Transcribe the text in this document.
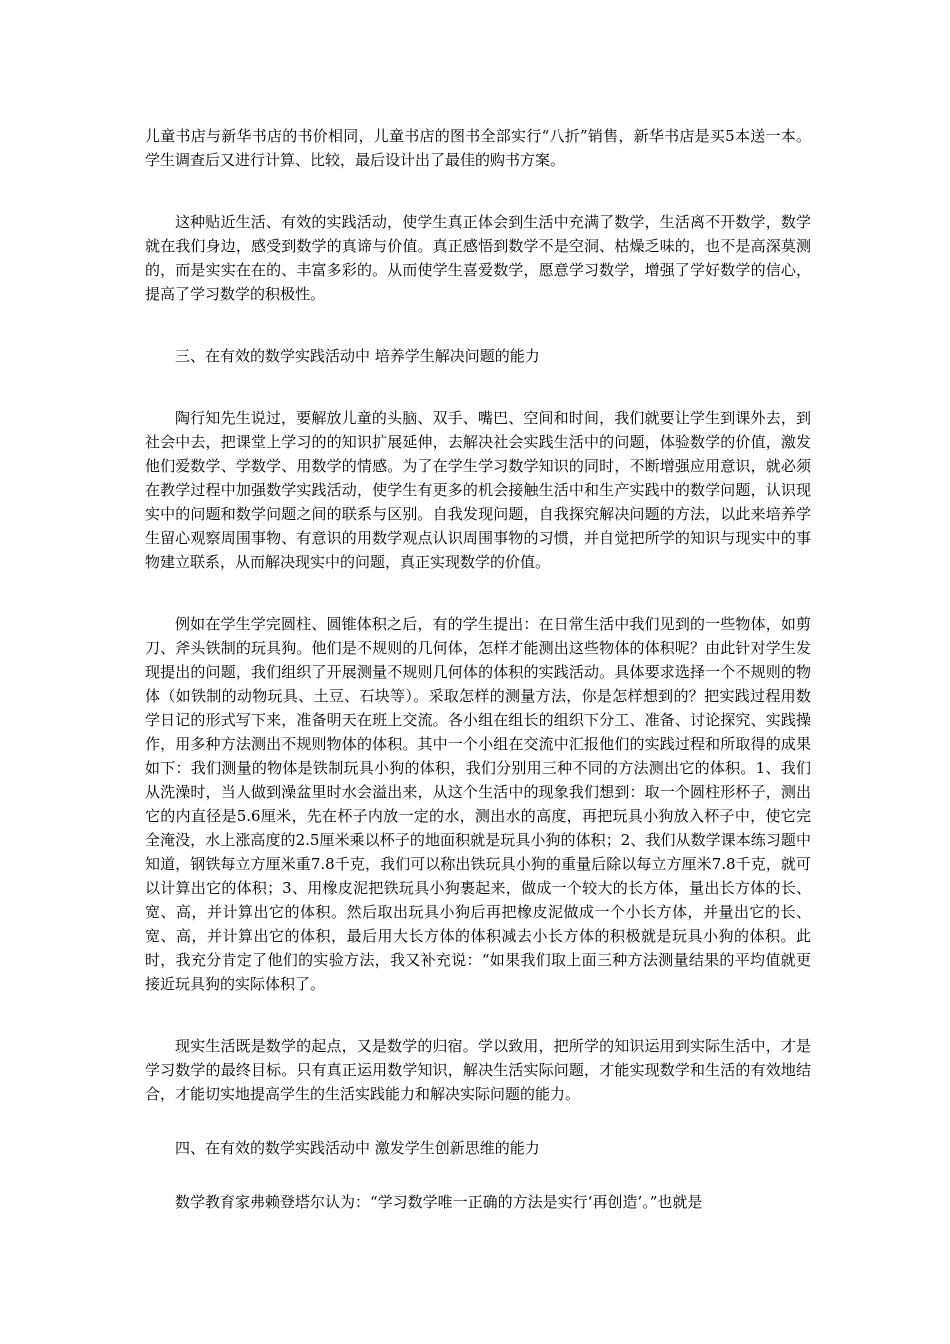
儿童书店与新华书店的书价相同，儿童书店的图书全部实行“八折”销售，新华书店是买5本送一本。学生调查后又进行计算、比较，最后设计出了最佳的购书方案。

这种贴近生活、有效的实践活动，使学生真正体会到生活中充满了数学，生活离不开数学，数学就在我们身边，感受到数学的真谛与价值。真正感悟到数学不是空洞、枯燥乏味的，也不是高深莫测的，而是实实在在的、丰富多彩的。从而使学生喜爱数学，愿意学习数学，增强了学好数学的信心，提高了学习数学的积极性。

三、在有效的数学实践活动中 培养学生解决问题的能力

陶行知先生说过，要解放儿童的头脑、双手、嘴巴、空间和时间，我们就要让学生到课外去，到社会中去，把课堂上学习的的知识扩展延伸，去解决社会实践生活中的问题，体验数学的价值，激发他们爱数学、学数学、用数学的情感。为了在学生学习数学知识的同时，不断增强应用意识，就必须在教学过程中加强数学实践活动，使学生有更多的机会接触生活中和生产实践中的数学问题，认识现实中的问题和数学问题之间的联系与区别。自我发现问题，自我探究解决问题的方法，以此来培养学生留心观察周围事物、有意识的用数学观点认识周围事物的习惯，并自觉把所学的知识与现实中的事物建立联系，从而解决现实中的问题，真正实现数学的价值。

例如在学生学完圆柱、圆锥体积之后，有的学生提出：在日常生活中我们见到的一些物体，如剪刀、斧头铁制的玩具狗。他们是不规则的几何体，怎样才能测出这些物体的体积呢？由此针对学生发现提出的问题，我们组织了开展测量不规则几何体的体积的实践活动。具体要求选择一个不规则的物体（如铁制的动物玩具、土豆、石块等）。采取怎样的测量方法，你是怎样想到的？把实践过程用数学日记的形式写下来，准备明天在班上交流。各小组在组长的组织下分工、准备、讨论探究、实践操作，用多种方法测出不规则物体的体积。其中一个小组在交流中汇报他们的实践过程和所取得的成果如下：我们测量的物体是铁制玩具小狗的体积，我们分别用三种不同的方法测出它的体积。1、我们从洗澡时，当人做到澡盆里时水会溢出来，从这个生活中的现象我们想到：取一个圆柱形杯子，测出它的内直径是5.6厘米，先在杯子内放一定的水，测出水的高度，再把玩具小狗放入杯子中，使它完全淹没，水上涨高度的2.5厘米乘以杯子的地面积就是玩具小狗的体积；2、我们从数学课本练习题中知道，钢铁每立方厘米重7.8千克，我们可以称出铁玩具小狗的重量后除以每立方厘米7.8千克，就可以计算出它的体积；3、用橡皮泥把铁玩具小狗裹起来，做成一个较大的长方体，量出长方体的长、宽、高，并计算出它的体积。然后取出玩具小狗后再把橡皮泥做成一个小长方体，并量出它的长、宽、高，并计算出它的体积，最后用大长方体的体积减去小长方体的积极就是玩具小狗的体积。此时，我充分肯定了他们的实验方法，我又补充说：“如果我们取上面三种方法测量结果的平均值就更接近玩具狗的实际体积了。

现实生活既是数学的起点，又是数学的归宿。学以致用，把所学的知识运用到实际生活中，才是学习数学的最终目标。只有真正运用数学知识，解决生活实际问题，才能实现数学和生活的有效地结合，才能切实地提高学生的生活实践能力和解决实际问题的能力。

四、在有效的数学实践活动中 激发学生创新思维的能力

数学教育家弗赖登塔尔认为：“学习数学唯一正确的方法是实行‘再创造’。”也就是
